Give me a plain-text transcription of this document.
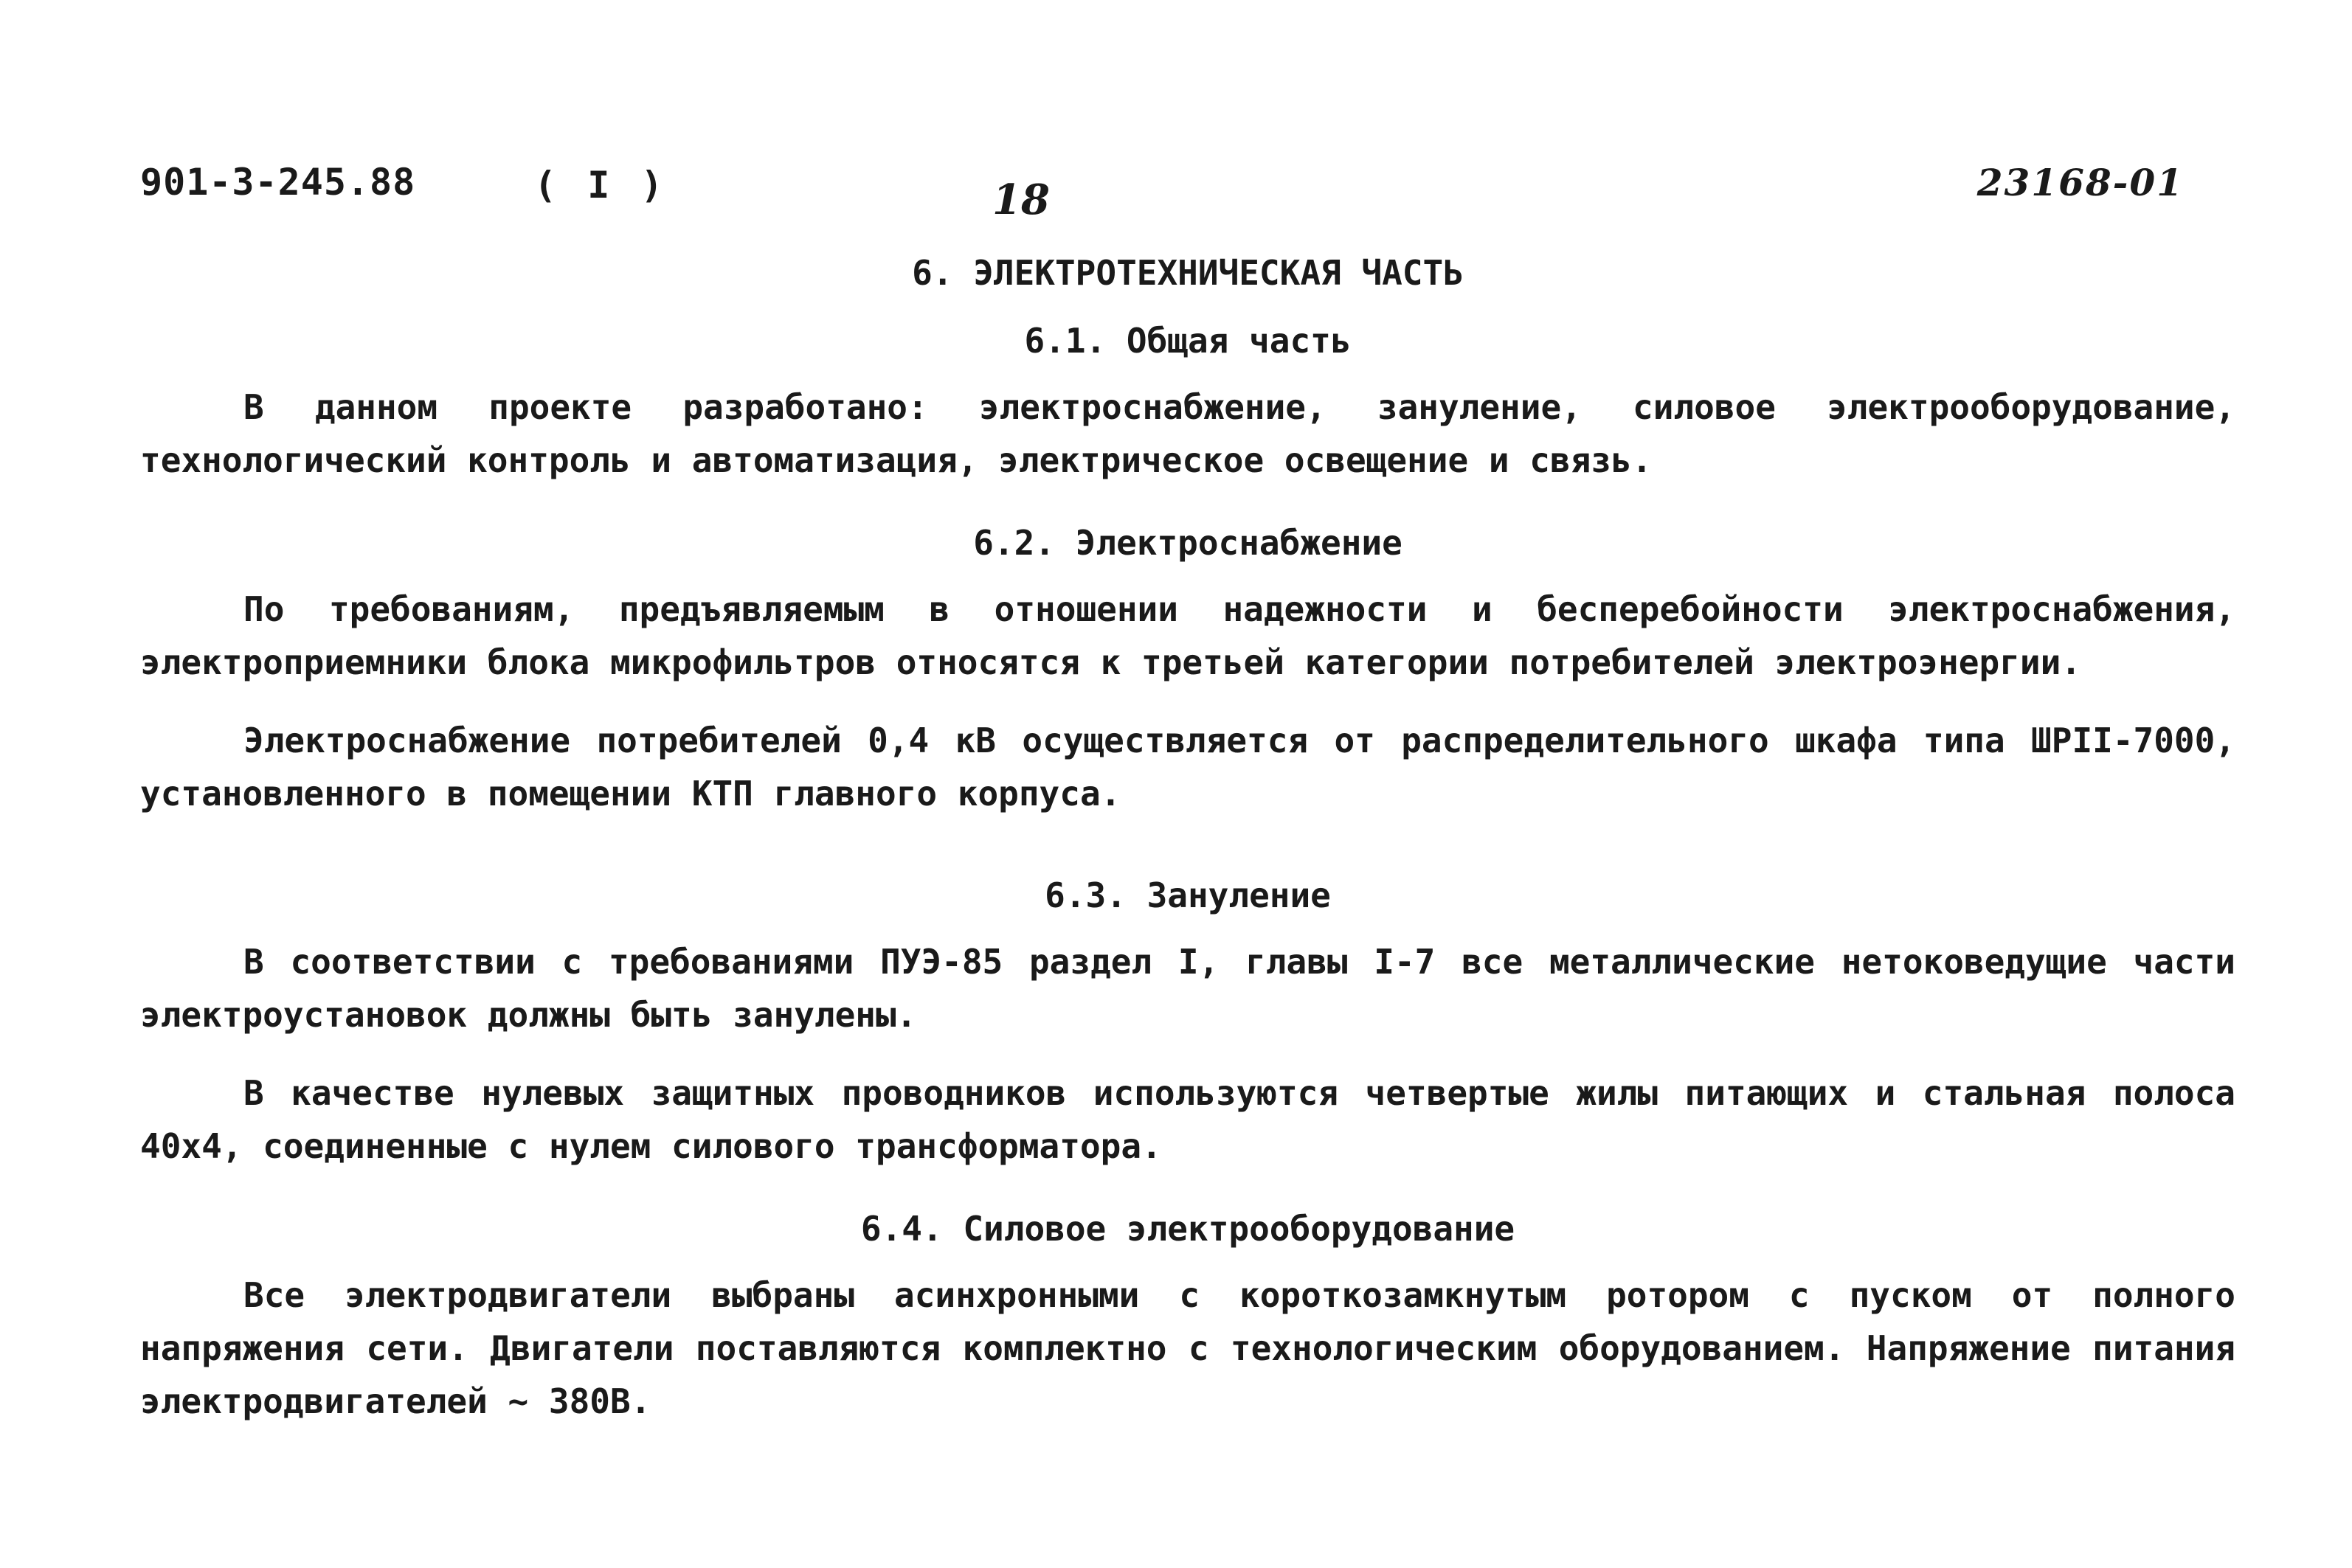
901-3-245.88	( I )	18	23168-01
6. ЭЛЕКТРОТЕХНИЧЕСКАЯ ЧАСТЬ
6.1. Общая часть

В данном проекте разработано: электроснабжение, зануление, силовое электрооборудование, технологический контроль и автоматизация, электрическое освещение и связь.

6.2. Электроснабжение

По требованиям, предъявляемым в отношении надежности и бесперебойности электроснабжения, электроприемники блока микрофильтров относятся к третьей категории потребителей электроэнергии.

Электроснабжение потребителей 0,4 кВ осуществляется от распределительного шкафа типа ШРII-7000, установленного в помещении КТП главного корпуса.

6.3. Зануление

В соответствии с требованиями ПУЭ-85 раздел I, главы I-7 все металлические нетоковедущие части электроустановок должны быть занулены.

В качестве нулевых защитных проводников используются четвертые жилы питающих и стальная полоса 40x4, соединенные с нулем силового трансформатора.

6.4. Силовое электрооборудование

Все электродвигатели выбраны асинхронными с короткозамкнутым ротором с пуском от полного напряжения сети. Двигатели поставляются комплектно с технологическим оборудованием. Напряжение питания электродвигателей ~ 380В.
